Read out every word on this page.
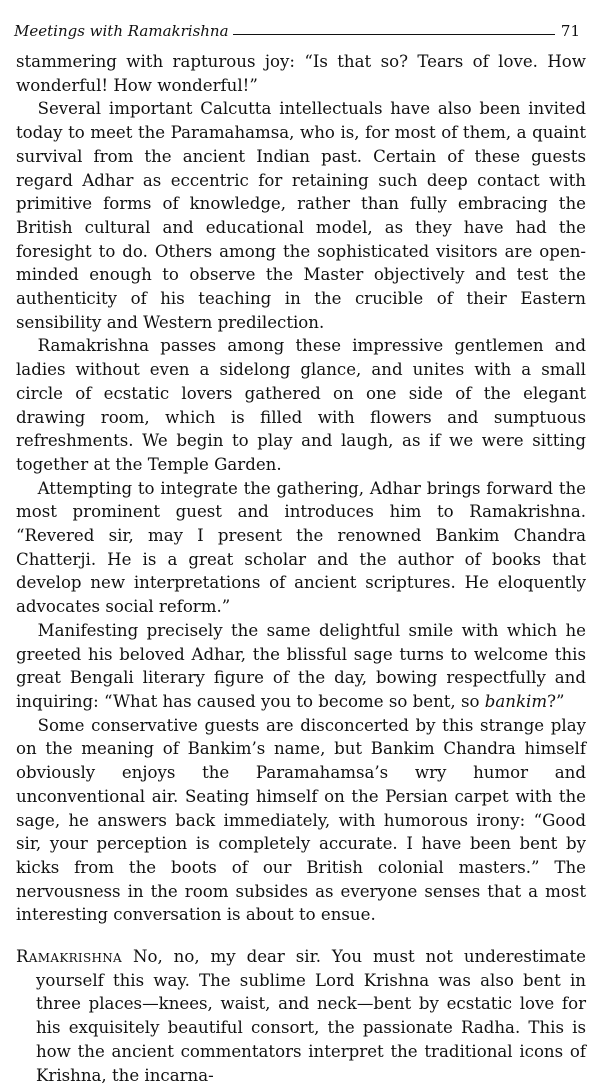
Meetings with Ramakrishna	71

stammering with rapturous joy: “Is that so? Tears of love. How wonderful! How wonderful!”

Several important Calcutta intellectuals have also been invited today to meet the Paramahamsa, who is, for most of them, a quaint survival from the ancient Indian past. Certain of these guests regard Adhar as eccentric for retaining such deep contact with primitive forms of knowledge, rather than fully embracing the British cultural and educational model, as they have had the foresight to do. Others among the sophisticated visitors are open-minded enough to observe the Master objectively and test the authenticity of his teaching in the crucible of their Eastern sensibility and Western predilection.

Ramakrishna passes among these impressive gentlemen and ladies without even a sidelong glance, and unites with a small circle of ecstatic lovers gathered on one side of the elegant drawing room, which is filled with flowers and sumptuous refreshments. We begin to play and laugh, as if we were sitting together at the Temple Garden.

Attempting to integrate the gathering, Adhar brings forward the most prominent guest and introduces him to Ramakrishna. “Revered sir, may I present the renowned Bankim Chandra Chatterji. He is a great scholar and the author of books that develop new interpretations of ancient scriptures. He eloquently advocates social reform.”

Manifesting precisely the same delightful smile with which he greeted his beloved Adhar, the blissful sage turns to welcome this great Bengali literary figure of the day, bowing respectfully and inquiring: “What has caused you to become so bent, so bankim?”

Some conservative guests are disconcerted by this strange play on the meaning of Bankim’s name, but Bankim Chandra himself obviously enjoys the Paramahamsa’s wry humor and unconventional air. Seating himself on the Persian carpet with the sage, he answers back immediately, with humorous irony: “Good sir, your perception is completely accurate. I have been bent by kicks from the boots of our British colonial masters.” The nervousness in the room subsides as everyone senses that a most interesting conversation is about to ensue.

Ramakrishna No, no, my dear sir. You must not underestimate yourself this way. The sublime Lord Krishna was also bent in three places—knees, waist, and neck—bent by ecstatic love for his exquisitely beautiful consort, the passionate Radha. This is how the ancient commentators interpret the traditional icons of Krishna, the incarna-
